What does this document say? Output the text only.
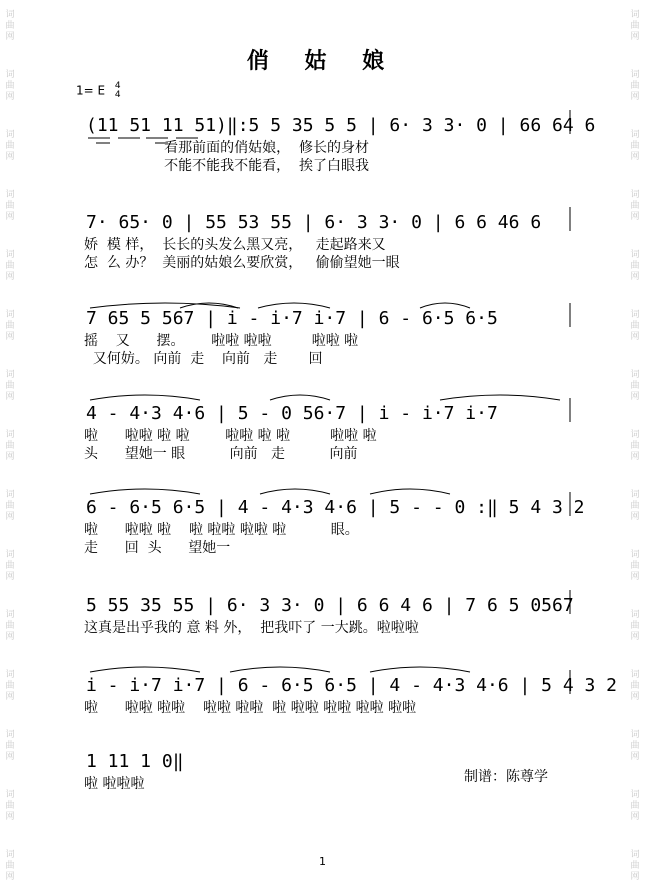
词
曲
网
词
曲
网
词
曲
网
词
曲
网
词
曲
网
词
曲
网
词
曲
网
词
曲
网
词
曲
网
词
曲
网
词
曲
网
词
曲
网
词
曲
网
词
曲
网
词
曲
网
词
曲
网
词
曲
网
词
曲
网
词
曲
网
词
曲
网
词
曲
网
词
曲
网
词
曲
网
词
曲
网
词
曲
网
词
曲
网
词
曲
网
词
曲
网
词
曲
网
词
曲
网
俏 姑 娘
1= E 4
4
(11 51 11 51)‖:5 5 35 5 5 | 6· 3 3· 0 | 66 64 6
看那前面的俏姑娘，  修长的身材
不能不能我不能看，  挨了白眼我
7· 65· 0 | 55 53 55 | 6· 3 3· 0 | 6 6 46 6
娇  模 样，  长长的头发么黑又亮，   走起路来又
怎  么 办？  美丽的姑娘么要欣赏，   偷偷望她一眼
7 65 5 567 | i - i·7 i·7 | 6 - 6·5 6·5
摇    又      摆。      啦啦 啦啦         啦啦 啦
又何妨。 向前  走    向前   走       回
4 - 4·3 4·6 | 5 - 0 56·7 | i - i·7 i·7
啦      啦啦 啦 啦        啦啦 啦 啦         啦啦 啦
头      望她一 眼          向前   走          向前
6 - 6·5 6·5 | 4 - 4·3 4·6 | 5 - - 0 :‖ 5 4 3 2
啦      啦啦 啦    啦 啦啦 啦啦 啦          眼。
走      回  头      望她一
5 55 35 55 | 6· 3 3· 0 | 6 6 4 6 | 7 6 5 0567
这真是出乎我的 意 料 外，  把我吓了 一大跳。啦啦啦
i - i·7 i·7 | 6 - 6·5 6·5 | 4 - 4·3 4·6 | 5 4 3 2
啦      啦啦 啦啦    啦啦 啦啦  啦 啦啦 啦啦 啦啦 啦啦
1 11 1 0‖
啦 啦啦啦	制谱：陈尊学
1
